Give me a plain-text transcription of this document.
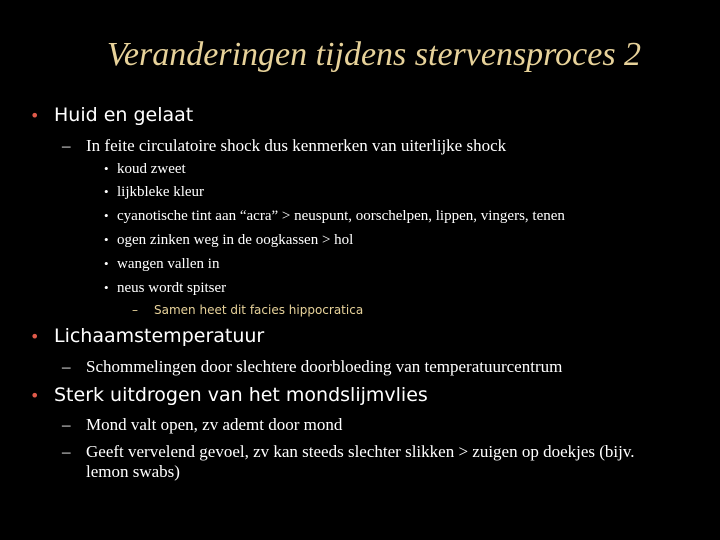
Veranderingen tijdens stervensproces 2
• Huid en gelaat
– In feite circulatoire shock dus kenmerken van uiterlijke shock
• koud zweet
• lijkbleke kleur
• cyanotische tint aan “acra” > neuspunt, oorschelpen, lippen, vingers, tenen
• ogen zinken weg in de oogkassen > hol
• wangen vallen in
• neus wordt spitser
– Samen heet dit facies hippocratica
• Lichaamstemperatuur
– Schommelingen door slechtere doorbloeding van temperatuurcentrum
• Sterk uitdrogen van het mondslijmvlies
– Mond valt open, zv ademt door mond
– Geeft vervelend gevoel, zv kan steeds slechter slikken > zuigen op doekjes (bijv. lemon swabs)
